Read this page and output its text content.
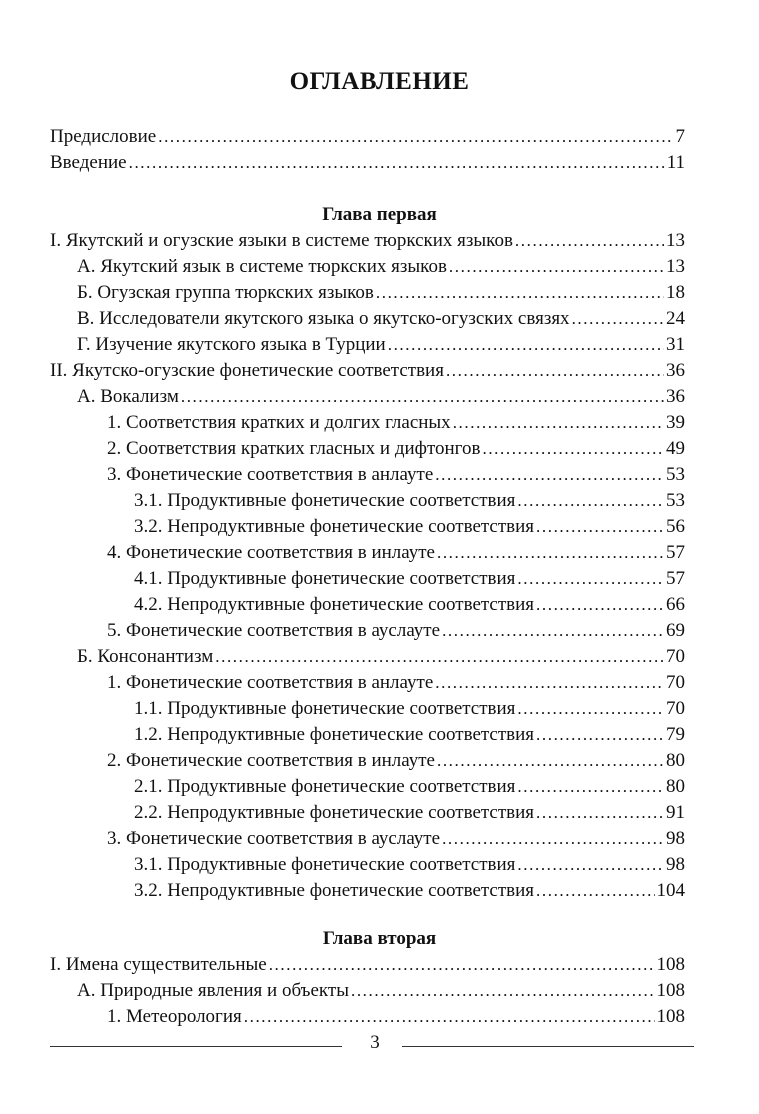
ОГЛАВЛЕНИЕ
Предисловие .....	7
Введение .....	11
Глава первая
I. Якутский и огузские языки в системе тюркских языков .....	13
А. Якутский язык в системе тюркских языков .....	13
Б. Огузская группа тюркских языков .....	18
В. Исследователи якутского языка о якутско-огузских связях .....	24
Г. Изучение якутского языка в Турции .....	31
II. Якутско-огузские фонетические соответствия .....	36
А. Вокализм .....	36
1. Соответствия кратких и долгих гласных .....	39
2. Соответствия кратких гласных и дифтонгов .....	49
3. Фонетические соответствия в анлауте .....	53
3.1. Продуктивные фонетические соответствия .....	53
3.2. Непродуктивные фонетические соответствия .....	56
4. Фонетические соответствия в инлауте .....	57
4.1. Продуктивные фонетические соответствия .....	57
4.2. Непродуктивные фонетические соответствия .....	66
5. Фонетические соответствия в ауслауте .....	69
Б. Консонантизм .....	70
1. Фонетические соответствия в анлауте .....	70
1.1. Продуктивные фонетические соответствия .....	70
1.2. Непродуктивные фонетические соответствия .....	79
2. Фонетические соответствия в инлауте .....	80
2.1. Продуктивные фонетические соответствия .....	80
2.2. Непродуктивные фонетические соответствия .....	91
3. Фонетические соответствия в ауслауте .....	98
3.1. Продуктивные фонетические соответствия .....	98
3.2. Непродуктивные фонетические соответствия .....	104
Глава вторая
I. Имена существительные .....	108
А. Природные явления и объекты .....	108
1. Метеорология .....	108
3
